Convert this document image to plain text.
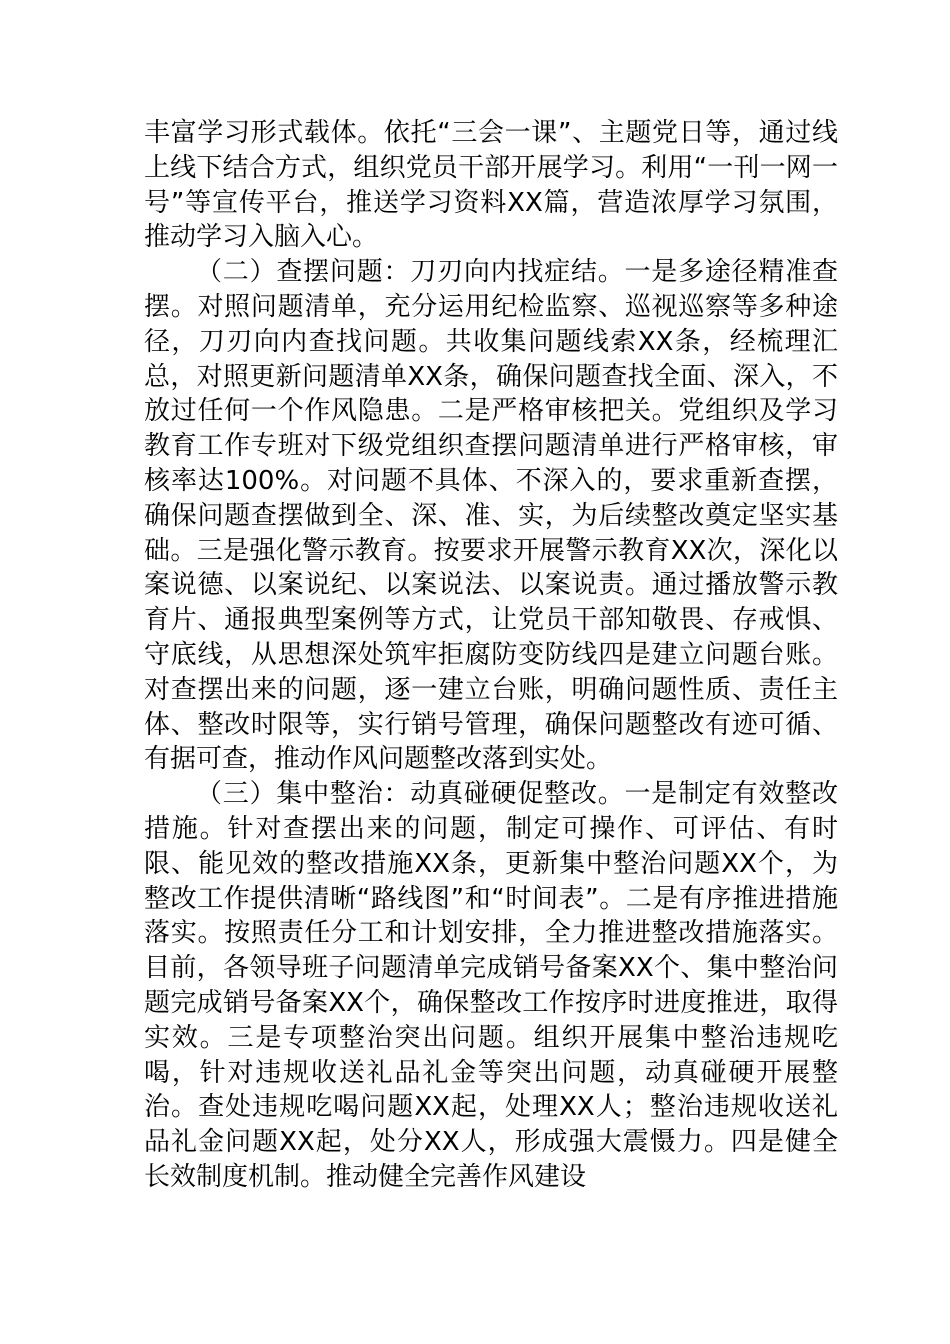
丰富学习形式载体。依托“三会一课”、主题党日等，通过线上线下结合方式，组织党员干部开展学习。利用“一刊一网一号”等宣传平台，推送学习资料XX篇，营造浓厚学习氛围，推动学习入脑入心。

（二）查摆问题：刀刃向内找症结。一是多途径精准查摆。对照问题清单，充分运用纪检监察、巡视巡察等多种途径，刀刃向内查找问题。共收集问题线索XX条，经梳理汇总，对照更新问题清单XX条，确保问题查找全面、深入，不放过任何一个作风隐患。二是严格审核把关。党组织及学习教育工作专班对下级党组织查摆问题清单进行严格审核，审核率达100%。对问题不具体、不深入的，要求重新查摆，确保问题查摆做到全、深、准、实，为后续整改奠定坚实基础。三是强化警示教育。按要求开展警示教育XX次，深化以案说德、以案说纪、以案说法、以案说责。通过播放警示教育片、通报典型案例等方式，让党员干部知敬畏、存戒惧、守底线，从思想深处筑牢拒腐防变防线四是建立问题台账。对查摆出来的问题，逐一建立台账，明确问题性质、责任主体、整改时限等，实行销号管理，确保问题整改有迹可循、有据可查，推动作风问题整改落到实处。

（三）集中整治：动真碰硬促整改。一是制定有效整改措施。针对查摆出来的问题，制定可操作、可评估、有时限、能见效的整改措施XX条，更新集中整治问题XX个，为整改工作提供清晰“路线图”和“时间表”。二是有序推进措施落实。按照责任分工和计划安排，全力推进整改措施落实。目前，各领导班子问题清单完成销号备案XX个、集中整治问题完成销号备案XX个，确保整改工作按序时进度推进，取得实效。三是专项整治突出问题。组织开展集中整治违规吃喝，针对违规收送礼品礼金等突出问题，动真碰硬开展整治。查处违规吃喝问题XX起，处理XX人；整治违规收送礼品礼金问题XX起，处分XX人，形成强大震慑力。四是健全长效制度机制。推动健全完善作风建设
